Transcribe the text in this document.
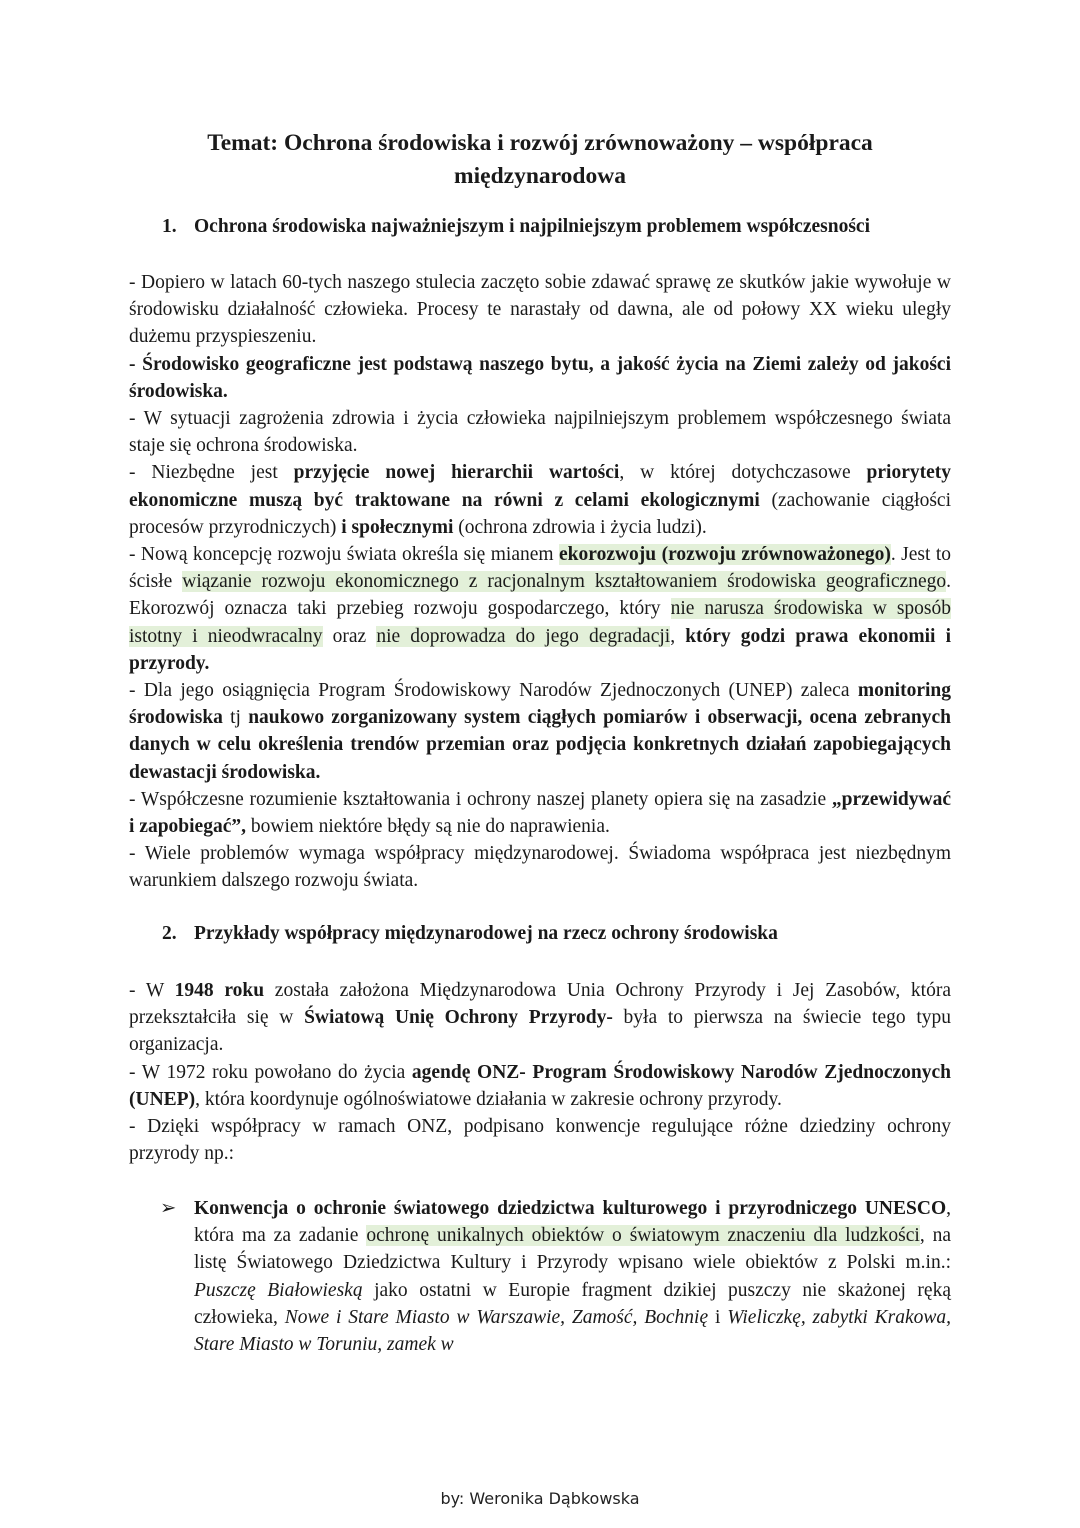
Temat: Ochrona środowiska i rozwój zrównoważony – współpraca
międzynarodowa
1. Ochrona środowiska najważniejszym i najpilniejszym problemem współczesności

- Dopiero w latach 60-tych naszego stulecia zaczęto sobie zdawać sprawę ze skutków jakie wywołuje w środowisku działalność człowieka. Procesy te narastały od dawna, ale od połowy XX wieku uległy dużemu przyspieszeniu.

- Środowisko geograficzne jest podstawą naszego bytu, a jakość życia na Ziemi zależy od jakości środowiska.

- W sytuacji zagrożenia zdrowia i życia człowieka najpilniejszym problemem współczesnego świata staje się ochrona środowiska.

- Niezbędne jest przyjęcie nowej hierarchii wartości, w której dotychczasowe priorytety ekonomiczne muszą być traktowane na równi z celami ekologicznymi (zachowanie ciągłości procesów przyrodniczych) i społecznymi (ochrona zdrowia i życia ludzi).

- Nową koncepcję rozwoju świata określa się mianem ekorozwoju (rozwoju zrównoważonego). Jest to ścisłe wiązanie rozwoju ekonomicznego z racjonalnym kształtowaniem środowiska geograficznego. Ekorozwój oznacza taki przebieg rozwoju gospodarczego, który nie narusza środowiska w sposób istotny i nieodwracalny oraz nie doprowadza do jego degradacji, który godzi prawa ekonomii i przyrody.

- Dla jego osiągnięcia Program Środowiskowy Narodów Zjednoczonych (UNEP) zaleca monitoring środowiska tj naukowo zorganizowany system ciągłych pomiarów i obserwacji, ocena zebranych danych w celu określenia trendów przemian oraz podjęcia konkretnych działań zapobiegających dewastacji środowiska.

- Współczesne rozumienie kształtowania i ochrony naszej planety opiera się na zasadzie „przewidywać i zapobiegać”, bowiem niektóre błędy są nie do naprawienia.

- Wiele problemów wymaga współpracy międzynarodowej. Świadoma współpraca jest niezbędnym warunkiem dalszego rozwoju świata.

2. Przykłady współpracy międzynarodowej na rzecz ochrony środowiska

- W 1948 roku została założona Międzynarodowa Unia Ochrony Przyrody i Jej Zasobów, która przekształciła się w Światową Unię Ochrony Przyrody- była to pierwsza na świecie tego typu organizacja.

- W 1972 roku powołano do życia agendę ONZ- Program Środowiskowy Narodów Zjednoczonych (UNEP), która koordynuje ogólnoświatowe działania w zakresie ochrony przyrody.

- Dzięki współpracy w ramach ONZ, podpisano konwencje regulujące różne dziedziny ochrony przyrody np.:

➢ Konwencja o ochronie światowego dziedzictwa kulturowego i przyrodniczego UNESCO, która ma za zadanie ochronę unikalnych obiektów o światowym znaczeniu dla ludzkości, na listę Światowego Dziedzictwa Kultury i Przyrody wpisano wiele obiektów z Polski m.in.: Puszczę Białowieską jako ostatni w Europie fragment dzikiej puszczy nie skażonej ręką człowieka, Nowe i Stare Miasto w Warszawie, Zamość, Bochnię i Wieliczkę, zabytki Krakowa, Stare Miasto w Toruniu, zamek w

by: Weronika Dąbkowska
